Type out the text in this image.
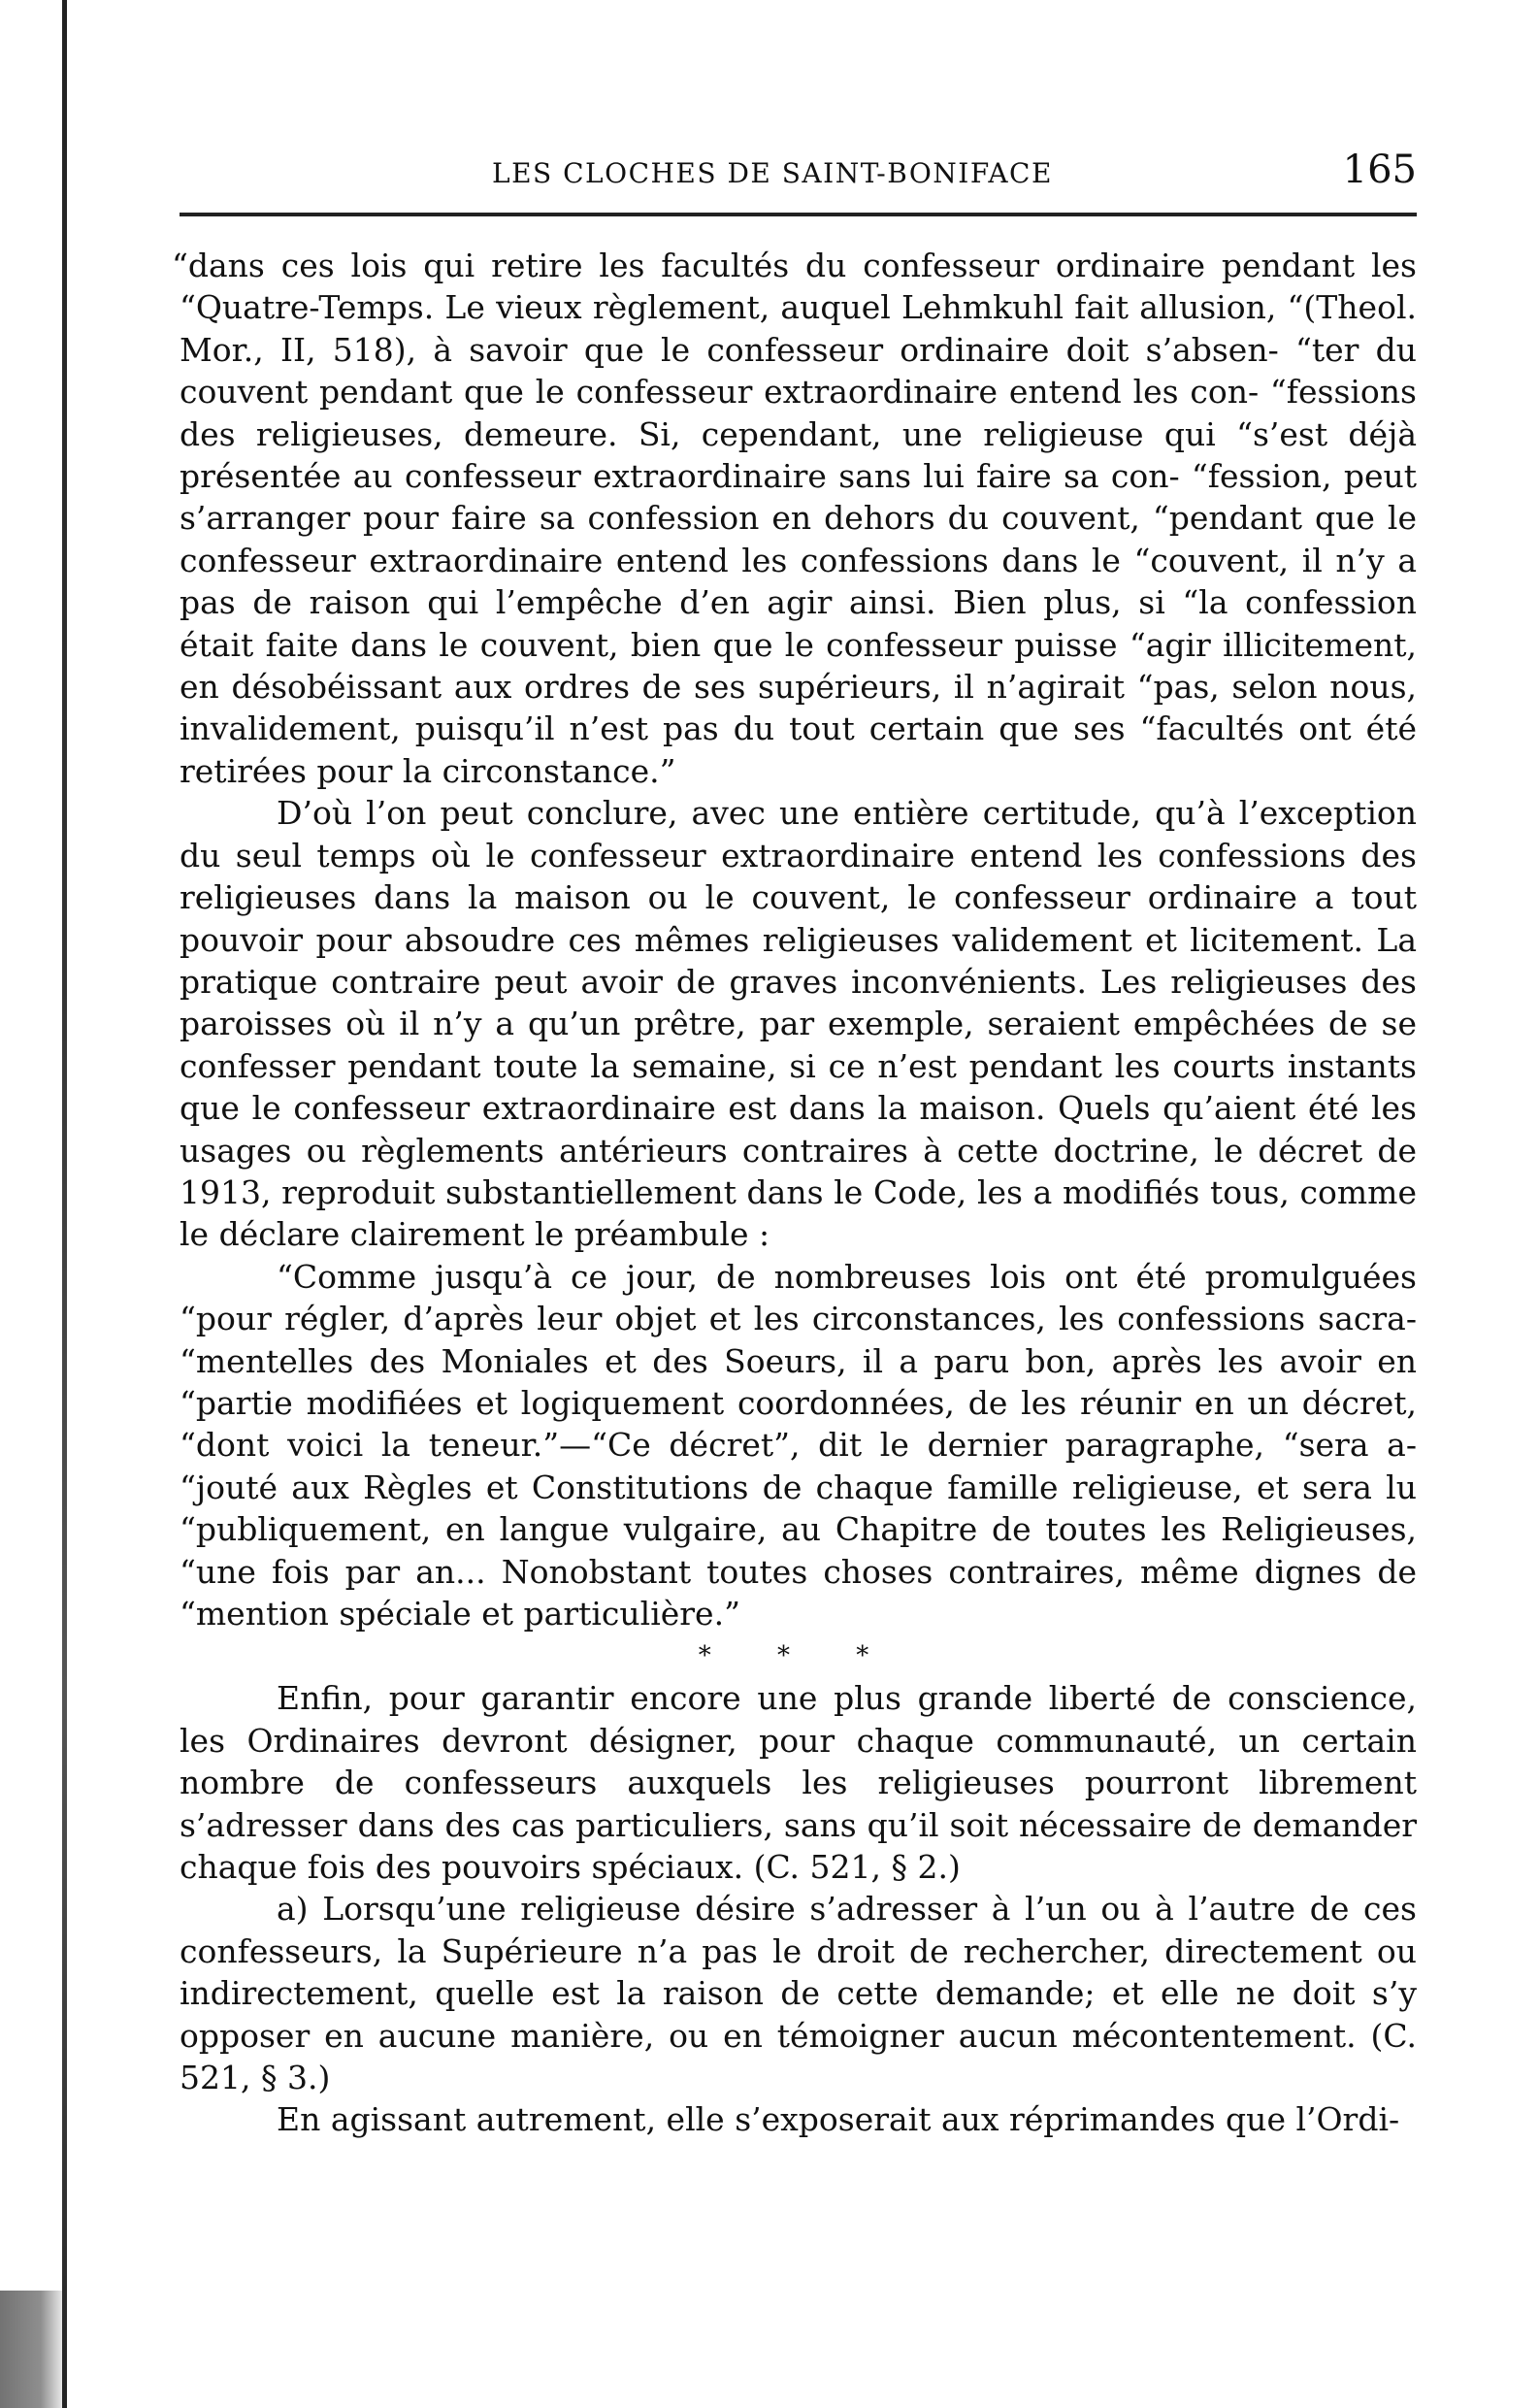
LES CLOCHES DE SAINT-BONIFACE	165

“dans ces lois qui retire les facultés du confesseur ordinaire pendant les “Quatre-Temps. Le vieux règlement, auquel Lehmkuhl fait allusion, “(Theol. Mor., II, 518), à savoir que le confesseur ordinaire doit s’absen- “ter du couvent pendant que le confesseur extraordinaire entend les con- “fessions des religieuses, demeure. Si, cependant, une religieuse qui “s’est déjà présentée au confesseur extraordinaire sans lui faire sa con- “fession, peut s’arranger pour faire sa confession en dehors du couvent, “pendant que le confesseur extraordinaire entend les confessions dans le “couvent, il n’y a pas de raison qui l’empêche d’en agir ainsi. Bien plus, si “la confession était faite dans le couvent, bien que le confesseur puisse “agir illicitement, en désobéissant aux ordres de ses supérieurs, il n’agirait “pas, selon nous, invalidement, puisqu’il n’est pas du tout certain que ses “facultés ont été retirées pour la circonstance.”

D’où l’on peut conclure, avec une entière certitude, qu’à l’exception du seul temps où le confesseur extraordinaire entend les confessions des religieuses dans la maison ou le couvent, le confesseur ordinaire a tout pouvoir pour absoudre ces mêmes religieuses validement et licitement. La pratique contraire peut avoir de graves inconvénients. Les religieuses des paroisses où il n’y a qu’un prêtre, par exemple, seraient empêchées de se confesser pendant toute la semaine, si ce n’est pendant les courts instants que le confesseur extraordinaire est dans la maison. Quels qu’aient été les usages ou règlements antérieurs contraires à cette doctrine, le décret de 1913, reproduit substantiellement dans le Code, les a modifiés tous, comme le déclare clairement le préambule :

“Comme jusqu’à ce jour, de nombreuses lois ont été promulguées “pour régler, d’après leur objet et les circonstances, les confessions sacra- “mentelles des Moniales et des Soeurs, il a paru bon, après les avoir en “partie modifiées et logiquement coordonnées, de les réunir en un décret, “dont voici la teneur.”—“Ce décret”, dit le dernier paragraphe, “sera a- “jouté aux Règles et Constitutions de chaque famille religieuse, et sera lu “publiquement, en langue vulgaire, au Chapitre de toutes les Religieuses, “une fois par an... Nonobstant toutes choses contraires, même dignes de “mention spéciale et particulière.”

* * *

Enfin, pour garantir encore une plus grande liberté de conscience, les Ordinaires devront désigner, pour chaque communauté, un certain nombre de confesseurs auxquels les religieuses pourront librement s’adresser dans des cas particuliers, sans qu’il soit nécessaire de demander chaque fois des pouvoirs spéciaux. (C. 521, § 2.)

a) Lorsqu’une religieuse désire s’adresser à l’un ou à l’autre de ces confesseurs, la Supérieure n’a pas le droit de rechercher, directement ou indirectement, quelle est la raison de cette demande; et elle ne doit s’y opposer en aucune manière, ou en témoigner aucun mécontentement. (C. 521, § 3.)

En agissant autrement, elle s’exposerait aux réprimandes que l’Ordi-
